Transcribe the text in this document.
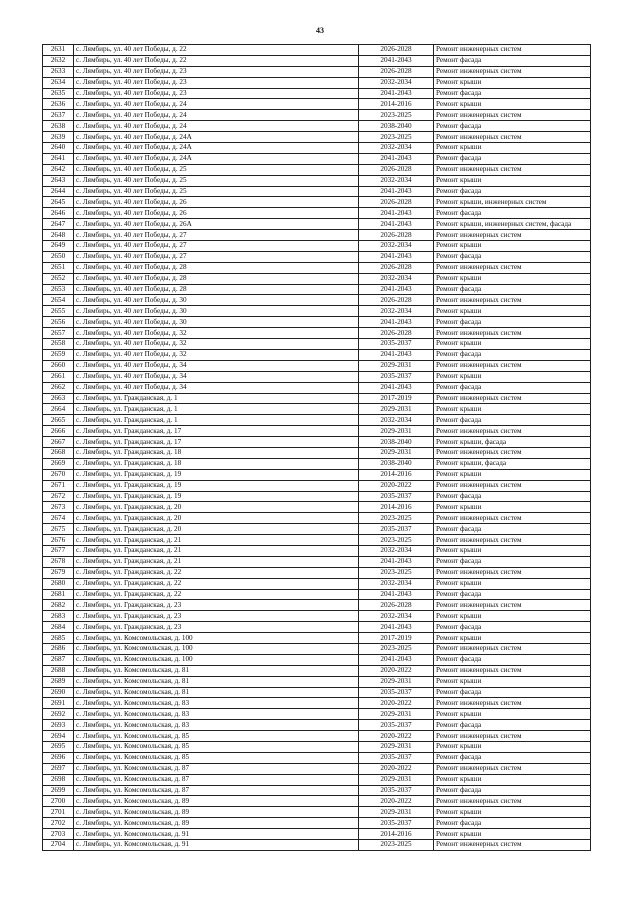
43
2631	с. Лямбирь, ул. 40 лет Победы, д. 22	2026-2028	Ремонт инженерных систем
2632	с. Лямбирь, ул. 40 лет Победы, д. 22	2041-2043	Ремонт фасада
2633	с. Лямбирь, ул. 40 лет Победы, д. 23	2026-2028	Ремонт инженерных систем
2634	с. Лямбирь, ул. 40 лет Победы, д. 23	2032-2034	Ремонт крыши
2635	с. Лямбирь, ул. 40 лет Победы, д. 23	2041-2043	Ремонт фасада
2636	с. Лямбирь, ул. 40 лет Победы, д. 24	2014-2016	Ремонт крыши
2637	с. Лямбирь, ул. 40 лет Победы, д. 24	2023-2025	Ремонт инженерных систем
2638	с. Лямбирь, ул. 40 лет Победы, д. 24	2038-2040	Ремонт фасада
2639	с. Лямбирь, ул. 40 лет Победы, д. 24А	2023-2025	Ремонт инженерных систем
2640	с. Лямбирь, ул. 40 лет Победы, д. 24А	2032-2034	Ремонт крыши
2641	с. Лямбирь, ул. 40 лет Победы, д. 24А	2041-2043	Ремонт фасада
2642	с. Лямбирь, ул. 40 лет Победы, д. 25	2026-2028	Ремонт инженерных систем
2643	с. Лямбирь, ул. 40 лет Победы, д. 25	2032-2034	Ремонт крыши
2644	с. Лямбирь, ул. 40 лет Победы, д. 25	2041-2043	Ремонт фасада
2645	с. Лямбирь, ул. 40 лет Победы, д. 26	2026-2028	Ремонт крыши, инженерных систем
2646	с. Лямбирь, ул. 40 лет Победы, д. 26	2041-2043	Ремонт фасада
2647	с. Лямбирь, ул. 40 лет Победы, д. 26А	2041-2043	Ремонт крыши, инженерных систем, фасада
2648	с. Лямбирь, ул. 40 лет Победы, д. 27	2026-2028	Ремонт инженерных систем
2649	с. Лямбирь, ул. 40 лет Победы, д. 27	2032-2034	Ремонт крыши
2650	с. Лямбирь, ул. 40 лет Победы, д. 27	2041-2043	Ремонт фасада
2651	с. Лямбирь, ул. 40 лет Победы, д. 28	2026-2028	Ремонт инженерных систем
2652	с. Лямбирь, ул. 40 лет Победы, д. 28	2032-2034	Ремонт крыши
2653	с. Лямбирь, ул. 40 лет Победы, д. 28	2041-2043	Ремонт фасада
2654	с. Лямбирь, ул. 40 лет Победы, д. 30	2026-2028	Ремонт инженерных систем
2655	с. Лямбирь, ул. 40 лет Победы, д. 30	2032-2034	Ремонт крыши
2656	с. Лямбирь, ул. 40 лет Победы, д. 30	2041-2043	Ремонт фасада
2657	с. Лямбирь, ул. 40 лет Победы, д. 32	2026-2028	Ремонт инженерных систем
2658	с. Лямбирь, ул. 40 лет Победы, д. 32	2035-2037	Ремонт крыши
2659	с. Лямбирь, ул. 40 лет Победы, д. 32	2041-2043	Ремонт фасада
2660	с. Лямбирь, ул. 40 лет Победы, д. 34	2029-2031	Ремонт инженерных систем
2661	с. Лямбирь, ул. 40 лет Победы, д. 34	2035-2037	Ремонт крыши
2662	с. Лямбирь, ул. 40 лет Победы, д. 34	2041-2043	Ремонт фасада
2663	с. Лямбирь, ул. Гражданская, д. 1	2017-2019	Ремонт инженерных систем
2664	с. Лямбирь, ул. Гражданская, д. 1	2029-2031	Ремонт крыши
2665	с. Лямбирь, ул. Гражданская, д. 1	2032-2034	Ремонт фасада
2666	с. Лямбирь, ул. Гражданская, д. 17	2029-2031	Ремонт инженерных систем
2667	с. Лямбирь, ул. Гражданская, д. 17	2038-2040	Ремонт крыши, фасада
2668	с. Лямбирь, ул. Гражданская, д. 18	2029-2031	Ремонт инженерных систем
2669	с. Лямбирь, ул. Гражданская, д. 18	2038-2040	Ремонт крыши, фасада
2670	с. Лямбирь, ул. Гражданская, д. 19	2014-2016	Ремонт крыши
2671	с. Лямбирь, ул. Гражданская, д. 19	2020-2022	Ремонт инженерных систем
2672	с. Лямбирь, ул. Гражданская, д. 19	2035-2037	Ремонт фасада
2673	с. Лямбирь, ул. Гражданская, д. 20	2014-2016	Ремонт крыши
2674	с. Лямбирь, ул. Гражданская, д. 20	2023-2025	Ремонт инженерных систем
2675	с. Лямбирь, ул. Гражданская, д. 20	2035-2037	Ремонт фасада
2676	с. Лямбирь, ул. Гражданская, д. 21	2023-2025	Ремонт инженерных систем
2677	с. Лямбирь, ул. Гражданская, д. 21	2032-2034	Ремонт крыши
2678	с. Лямбирь, ул. Гражданская, д. 21	2041-2043	Ремонт фасада
2679	с. Лямбирь, ул. Гражданская, д. 22	2023-2025	Ремонт инженерных систем
2680	с. Лямбирь, ул. Гражданская, д. 22	2032-2034	Ремонт крыши
2681	с. Лямбирь, ул. Гражданская, д. 22	2041-2043	Ремонт фасада
2682	с. Лямбирь, ул. Гражданская, д. 23	2026-2028	Ремонт инженерных систем
2683	с. Лямбирь, ул. Гражданская, д. 23	2032-2034	Ремонт крыши
2684	с. Лямбирь, ул. Гражданская, д. 23	2041-2043	Ремонт фасада
2685	с. Лямбирь, ул. Комсомольская, д. 100	2017-2019	Ремонт крыши
2686	с. Лямбирь, ул. Комсомольская, д. 100	2023-2025	Ремонт инженерных систем
2687	с. Лямбирь, ул. Комсомольская, д. 100	2041-2043	Ремонт фасада
2688	с. Лямбирь, ул. Комсомольская, д. 81	2020-2022	Ремонт инженерных систем
2689	с. Лямбирь, ул. Комсомольская, д. 81	2029-2031	Ремонт крыши
2690	с. Лямбирь, ул. Комсомольская, д. 81	2035-2037	Ремонт фасада
2691	с. Лямбирь, ул. Комсомольская, д. 83	2020-2022	Ремонт инженерных систем
2692	с. Лямбирь, ул. Комсомольская, д. 83	2029-2031	Ремонт крыши
2693	с. Лямбирь, ул. Комсомольская, д. 83	2035-2037	Ремонт фасада
2694	с. Лямбирь, ул. Комсомольская, д. 85	2020-2022	Ремонт инженерных систем
2695	с. Лямбирь, ул. Комсомольская, д. 85	2029-2031	Ремонт крыши
2696	с. Лямбирь, ул. Комсомольская, д. 85	2035-2037	Ремонт фасада
2697	с. Лямбирь, ул. Комсомольская, д. 87	2020-2022	Ремонт инженерных систем
2698	с. Лямбирь, ул. Комсомольская, д. 87	2029-2031	Ремонт крыши
2699	с. Лямбирь, ул. Комсомольская, д. 87	2035-2037	Ремонт фасада
2700	с. Лямбирь, ул. Комсомольская, д. 89	2020-2022	Ремонт инженерных систем
2701	с. Лямбирь, ул. Комсомольская, д. 89	2029-2031	Ремонт крыши
2702	с. Лямбирь, ул. Комсомольская, д. 89	2035-2037	Ремонт фасада
2703	с. Лямбирь, ул. Комсомольская, д. 91	2014-2016	Ремонт крыши
2704	с. Лямбирь, ул. Комсомольская, д. 91	2023-2025	Ремонт инженерных систем
